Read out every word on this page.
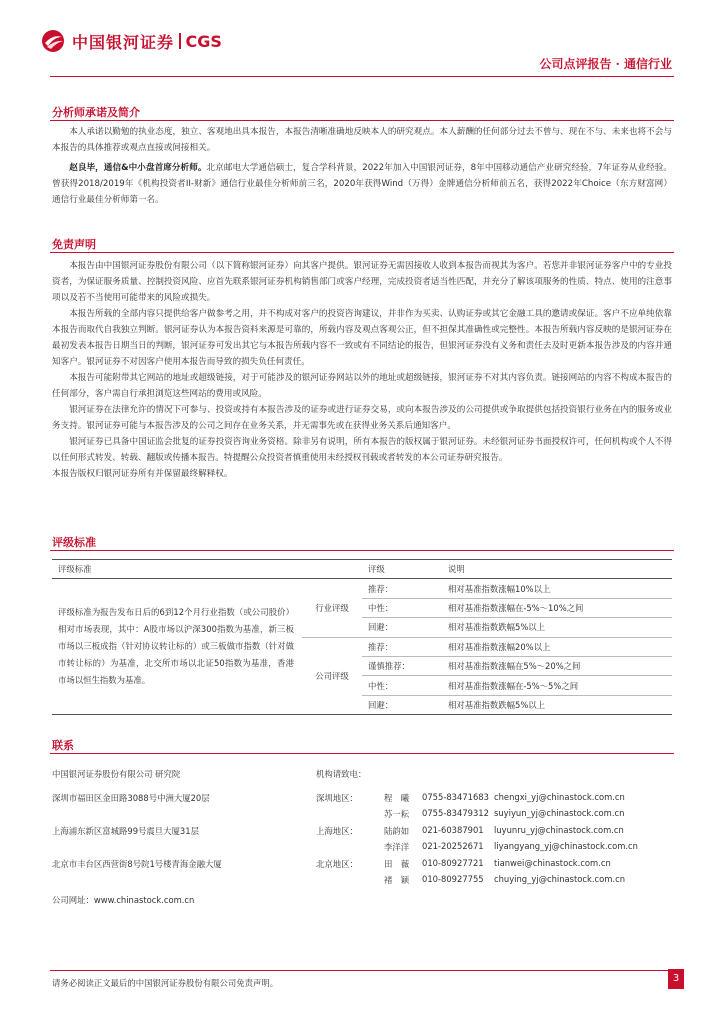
中国银河证券 CGS
公司点评报告 · 通信行业
分析师承诺及简介

本人承诺以勤勉的执业态度，独立、客观地出具本报告，本报告清晰准确地反映本人的研究观点。本人薪酬的任何部分过去不曾与、现在不与、未来也将不会与本报告的具体推荐或观点直接或间接相关。

赵良毕，通信&中小盘首席分析师。北京邮电大学通信硕士，复合学科背景，2022年加入中国银河证券，8年中国移动通信产业研究经验，7年证券从业经验。曾获得2018/2019年《机构投资者II-财新》通信行业最佳分析师前三名，2020年获得Wind（万得）金牌通信分析师前五名，获得2022年Choice（东方财富网）通信行业最佳分析师第一名。

免责声明

本报告由中国银河证券股份有限公司（以下简称银河证券）向其客户提供。银河证券无需因接收人收到本报告而视其为客户。若您并非银河证券客户中的专业投资者，为保证服务质量、控制投资风险、应首先联系银河证券机构销售部门或客户经理，完成投资者适当性匹配，并充分了解该项服务的性质、特点、使用的注意事项以及若不当使用可能带来的风险或损失。

本报告所载的全部内容只提供给客户做参考之用，并不构成对客户的投资咨询建议，并非作为买卖、认购证券或其它金融工具的邀请或保证。客户不应单纯依靠本报告而取代自我独立判断。银河证券认为本报告资料来源是可靠的，所载内容及观点客观公正，但不担保其准确性或完整性。本报告所载内容反映的是银河证券在最初发表本报告日期当日的判断，银河证券可发出其它与本报告所载内容不一致或有不同结论的报告，但银河证券没有义务和责任去及时更新本报告涉及的内容并通知客户。银河证券不对因客户使用本报告而导致的损失负任何责任。

本报告可能附带其它网站的地址或超级链接，对于可能涉及的银河证券网站以外的地址或超级链接，银河证券不对其内容负责。链接网站的内容不构成本报告的任何部分，客户需自行承担浏览这些网站的费用或风险。

银河证券在法律允许的情况下可参与、投资或持有本报告涉及的证券或进行证券交易，或向本报告涉及的公司提供或争取提供包括投资银行业务在内的服务或业务支持。银河证券可能与本报告涉及的公司之间存在业务关系，并无需事先或在获得业务关系后通知客户。

银河证券已具备中国证监会批复的证券投资咨询业务资格。除非另有说明，所有本报告的版权属于银河证券。未经银河证券书面授权许可，任何机构或个人不得以任何形式转发、转载、翻版或传播本报告。特提醒公众投资者慎重使用未经授权刊载或者转发的本公司证券研究报告。

本报告版权归银河证券所有并保留最终解释权。

评级标准
评级标准		评级	说明
评级标准为报告发布日后的6到12个月行业指数（或公司股价）相对市场表现，其中：A股市场以沪深300指数为基准，新三板市场以三板成指（针对协议转让标的）或三板做市指数（针对做市转让标的）为基准，北交所市场以北证50指数为基准，香港市场以恒生指数为基准。	行业评级	推荐：	相对基准指数涨幅10%以上
		中性：	相对基准指数涨幅在-5%～10%之间
		回避：	相对基准指数跌幅5%以上
	公司评级	推荐：	相对基准指数涨幅20%以上
		谨慎推荐：	相对基准指数涨幅在5%～20%之间
		中性：	相对基准指数涨幅在-5%～5%之间
		回避：	相对基准指数跌幅5%以上
联系
中国银河证券股份有限公司 研究院	机构请致电：
深圳市福田区金田路3088号中洲大厦20层	深圳地区：	程　曦 0755-83471683 chengxi_yj@chinastock.com.cn
苏一耘 0755-83479312 suyiyun_yj@chinastock.com.cn
上海浦东新区富城路99号震旦大厦31层	上海地区：	陆韵如 021-60387901 luyunru_yj@chinastock.com.cn
李洋洋 021-20252671 liyangyang_yj@chinastock.com.cn
北京市丰台区西营街8号院1号楼青海金融大厦	北京地区：	田　薇 010-80927721 tianwei@chinastock.com.cn
褚　颖 010-80927755 chuying_yj@chinastock.com.cn
公司网址：www.chinastock.com.cn
请务必阅读正文最后的中国银河证券股份有限公司免责声明。	3
